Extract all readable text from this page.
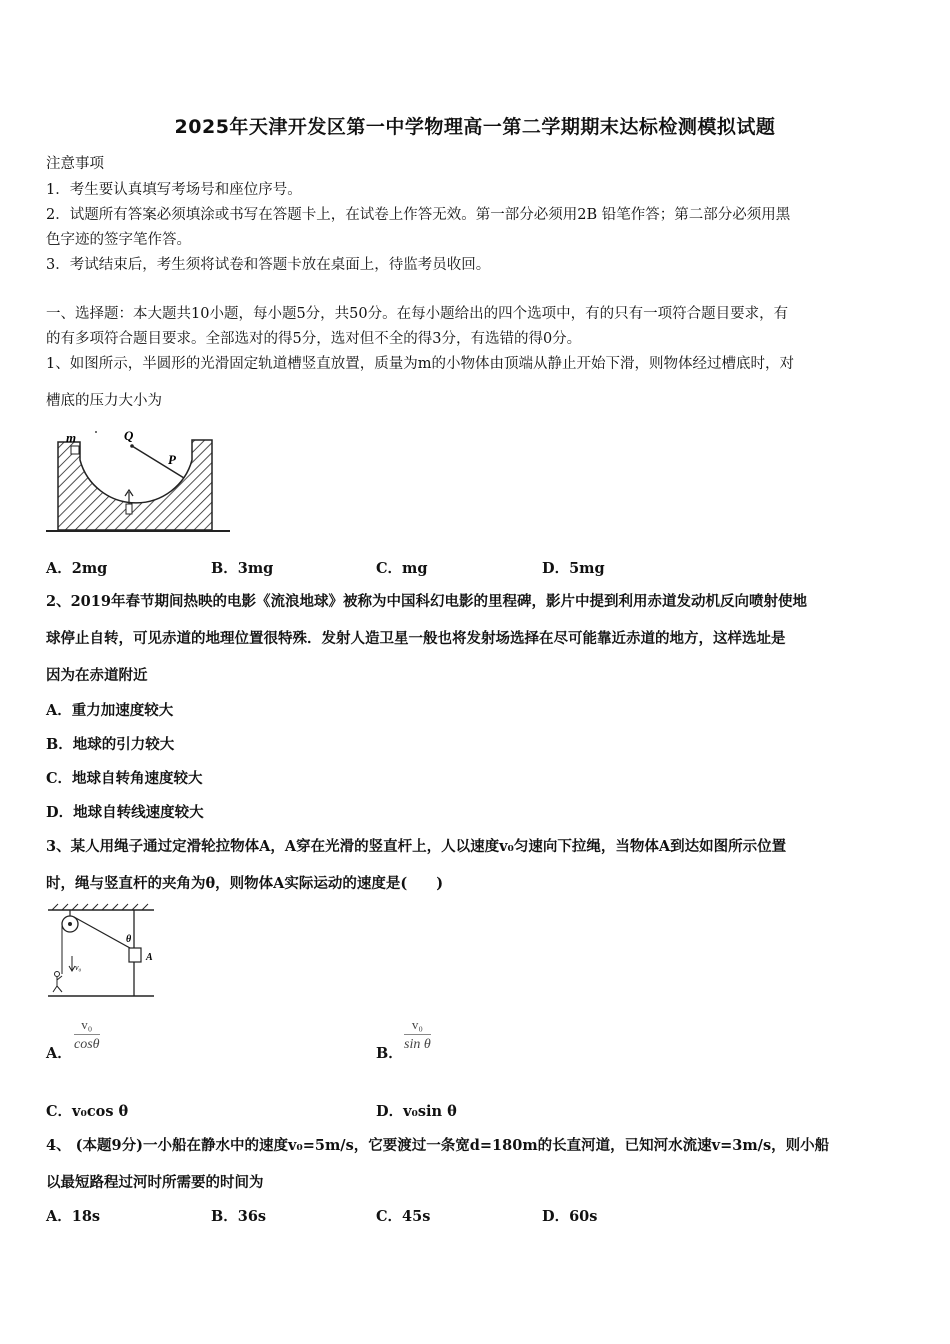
2025年天津开发区第一中学物理高一第二学期期末达标检测模拟试题
注意事项
1．考生要认真填写考场号和座位序号。
2．试题所有答案必须填涂或书写在答题卡上，在试卷上作答无效。第一部分必须用2B 铅笔作答；第二部分必须用黑
色字迹的签字笔作答。
3．考试结束后，考生须将试卷和答题卡放在桌面上，待监考员收回。
一、选择题：本大题共10小题，每小题5分，共50分。在每小题给出的四个选项中，有的只有一项符合题目要求，有
的有多项符合题目要求。全部选对的得5分，选对但不全的得3分，有选错的得0分。
1、如图所示，半圆形的光滑固定轨道槽竖直放置，质量为m的小物体由顶端从静止开始下滑，则物体经过槽底时，对
槽底的压力大小为
m	Q
P
A．2mg	B．3mg	C．mg	D．5mg
2、2019年春节期间热映的电影《流浪地球》被称为中国科幻电影的里程碑，影片中提到利用赤道发动机反向喷射使地
球停止自转，可见赤道的地理位置很特殊．发射人造卫星一般也将发射场选择在尽可能靠近赤道的地方，这样选址是
因为在赤道附近
A．重力加速度较大
B．地球的引力较大
C．地球自转角速度较大
D．地球自转线速度较大
3、某人用绳子通过定滑轮拉物体A，A穿在光滑的竖直杆上，人以速度v₀匀速向下拉绳，当物体A到达如图所示位置
时，绳与竖直杆的夹角为θ，则物体A实际运动的速度是(　　)
A
θ
v₀
A．
$\frac{\text{v₀}}{\cos\theta}$
B．
$\frac{\text{v₀}}{\text{sin θ}}$
C．v₀cos θ	D．v₀sin θ
4、 (本题9分)一小船在静水中的速度v₀=5m/s，它要渡过一条宽d=180m的长直河道，已知河水流速v=3m/s，则小船
以最短路程过河时所需要的时间为
A．18s	B．36s	C．45s	D．60s
